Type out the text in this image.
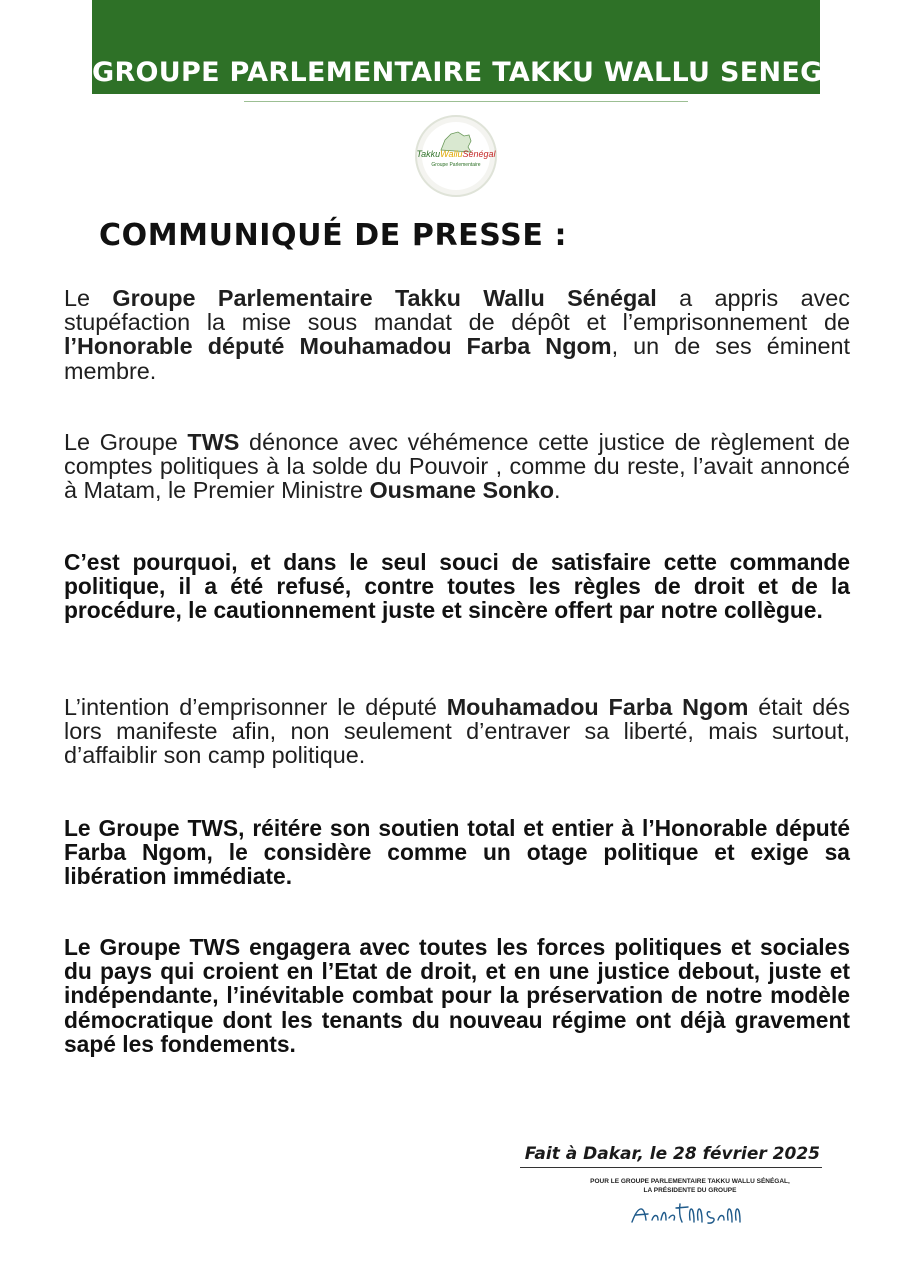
GROUPE PARLEMENTAIRE TAKKU WALLU SENEGAL
TakkuWalluSénégal
Groupe Parlementaire
COMMUNIQUÉ DE PRESSE :

Le Groupe Parlementaire Takku Wallu Sénégal a appris avec stupéfaction la mise sous mandat de dépôt et l’emprisonnement de l’Honorable député Mouhamadou Farba Ngom, un de ses éminent membre.

Le Groupe TWS dénonce avec véhémence cette justice de règlement de comptes politiques à la solde du Pouvoir , comme du reste, l’avait annoncé à Matam, le Premier Ministre Ousmane Sonko.

C’est pourquoi, et dans le seul souci de satisfaire cette commande politique, il a été refusé, contre toutes les règles de droit et de la procédure, le cautionnement juste et sincère offert par notre collègue.

L’intention d’emprisonner le député Mouhamadou Farba Ngom était dés lors manifeste afin, non seulement d’entraver sa liberté, mais surtout, d’affaiblir son camp politique.

Le Groupe TWS, réitére son soutien total et entier à l’Honorable député Farba Ngom, le considère comme un otage politique et exige sa libération immédiate.

Le Groupe TWS engagera avec toutes les forces politiques et sociales du pays qui croient en l’Etat de droit, et en une justice debout, juste et indépendante, l’inévitable combat pour la préservation de notre modèle démocratique dont les tenants du nouveau régime ont déjà gravement sapé les fondements.

Fait à Dakar, le 28 février 2025
POUR LE GROUPE PARLEMENTAIRE TAKKU WALLU SÉNÉGAL,
LA PRÉSIDENTE DU GROUPE
